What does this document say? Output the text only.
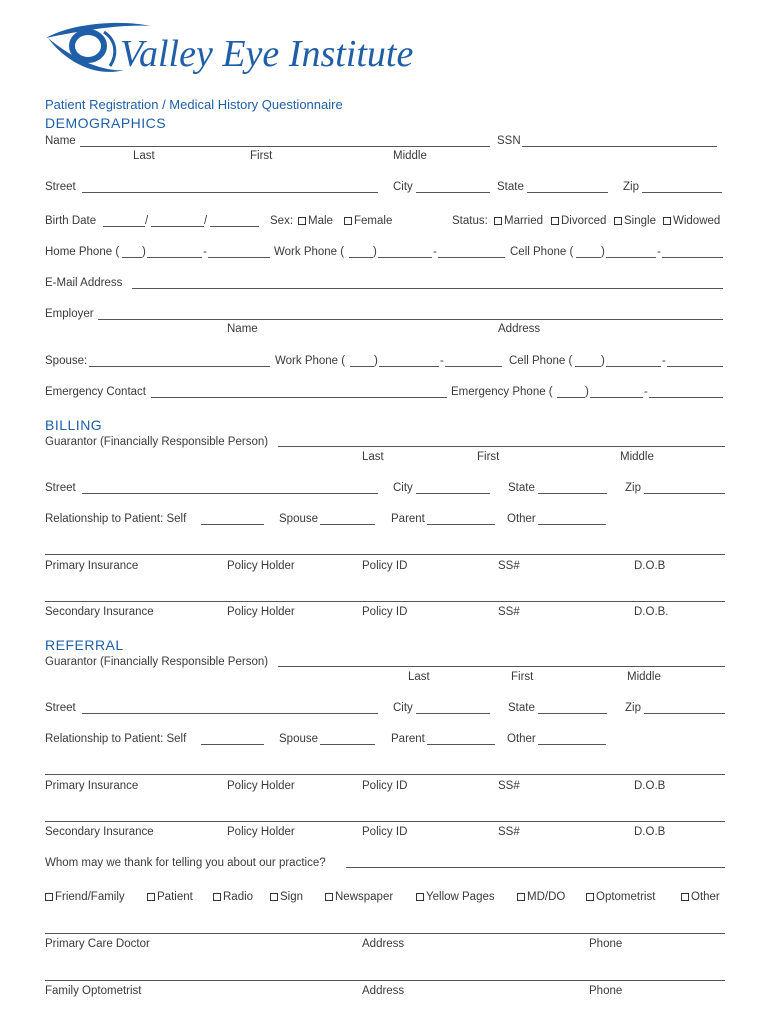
Valley Eye Institute
Patient Registration / Medical History Questionnaire
DEMOGRAPHICS
Name	SSN
Last	First	Middle
Street	City	State	Zip
Birth Date	/	/	Sex:	Male	Female	Status:	Married	Divorced	Single	Widowed
Home Phone ( )	-	Work Phone (	)	-	Cell Phone ( )	-
E-Mail Address
Employer
Name	Address
Spouse:	Work Phone (	)	-	Cell Phone ( )	-
Emergency Contact	Emergency Phone (	)	-
BILLING
Guarantor (Financially Responsible Person)
Last	First	Middle
Street	City	State	Zip
Relationship to Patient: Self	Spouse	Parent	Other
Primary Insurance	Policy Holder	Policy ID	SS#	D.O.B
Secondary Insurance	Policy Holder	Policy ID	SS#	D.O.B.
REFERRAL
Guarantor (Financially Responsible Person)
Last	First	Middle
Street	City	State	Zip
Relationship to Patient: Self	Spouse	Parent	Other
Primary Insurance	Policy Holder	Policy ID	SS#	D.O.B
Secondary Insurance	Policy Holder	Policy ID	SS#	D.O.B
Whom may we thank for telling you about our practice?
Friend/Family	Patient	Radio	Sign	Newspaper	Yellow Pages	MD/DO	Optometrist	Other
Primary Care Doctor	Address	Phone
Family Optometrist	Address	Phone
